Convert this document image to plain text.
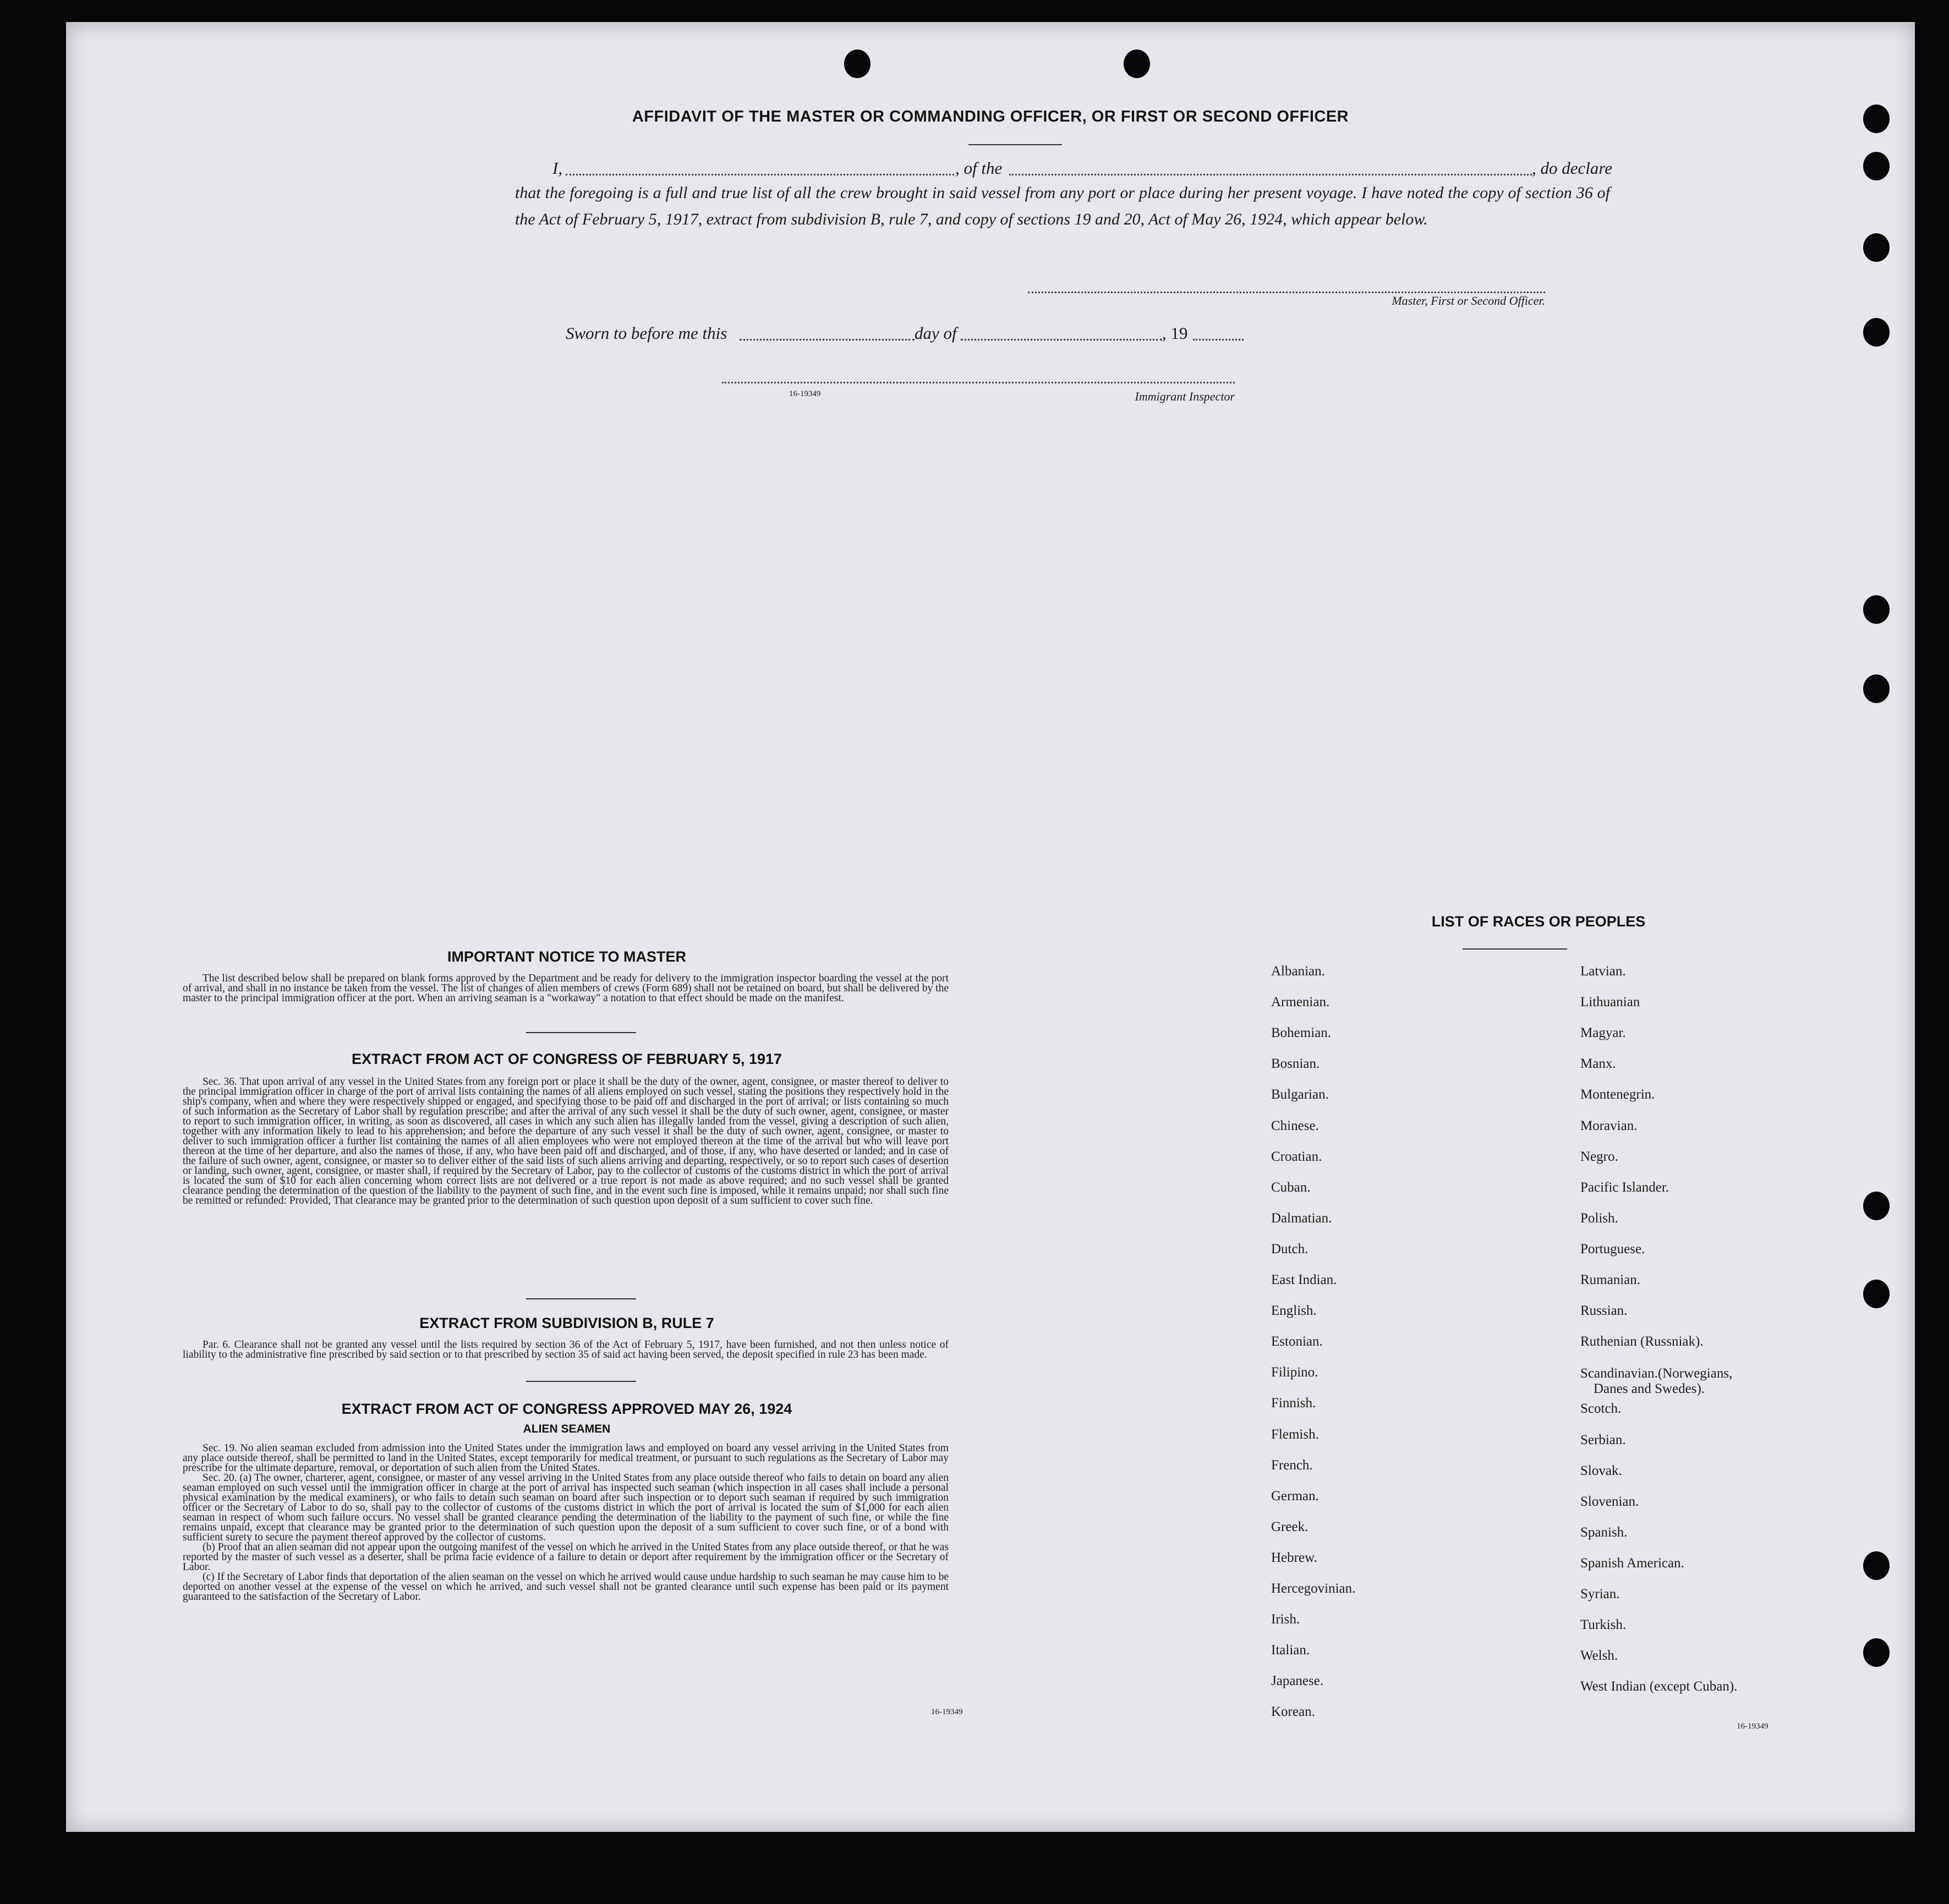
AFFIDAVIT OF THE MASTER OR COMMANDING OFFICER, OR FIRST OR SECOND OFFICER
I,	, of the	, do declare
that the foregoing is a full and true list of all the crew brought in said vessel from any port or place during her present voyage. I have noted the copy of section 36 of the Act of February 5, 1917, extract from subdivision B, rule 7, and copy of sections 19 and 20, Act of May 26, 1924, which appear below.
Master, First or Second Officer.
Sworn to before me this	day of	, 19
16-19349	Immigrant Inspector
IMPORTANT NOTICE TO MASTER
The list described below shall be prepared on blank forms approved by the Department and be ready for delivery to the immigration inspector boarding the vessel at the port of arrival, and shall in no instance be taken from the vessel. The list of changes of alien members of crews (Form 689) shall not be retained on board, but shall be delivered by the master to the principal immigration officer at the port. When an arriving seaman is a "workaway" a notation to that effect should be made on the manifest.
EXTRACT FROM ACT OF CONGRESS OF FEBRUARY 5, 1917
Sec. 36. That upon arrival of any vessel in the United States from any foreign port or place it shall be the duty of the owner, agent, consignee, or master thereof to deliver to the principal immigration officer in charge of the port of arrival lists containing the names of all aliens employed on such vessel, stating the positions they respectively hold in the ship's company, when and where they were respectively shipped or engaged, and specifying those to be paid off and discharged in the port of arrival; or lists containing so much of such information as the Secretary of Labor shall by regulation prescribe; and after the arrival of any such vessel it shall be the duty of such owner, agent, consignee, or master to report to such immigration officer, in writing, as soon as discovered, all cases in which any such alien has illegally landed from the vessel, giving a description of such alien, together with any information likely to lead to his apprehension; and before the departure of any such vessel it shall be the duty of such owner, agent, consignee, or master to deliver to such immigration officer a further list containing the names of all alien employees who were not employed thereon at the time of the arrival but who will leave port thereon at the time of her departure, and also the names of those, if any, who have been paid off and discharged, and of those, if any, who have deserted or landed; and in case of the failure of such owner, agent, consignee, or master so to deliver either of the said lists of such aliens arriving and departing, respectively, or so to report such cases of desertion or landing, such owner, agent, consignee, or master shall, if required by the Secretary of Labor, pay to the collector of customs of the customs district in which the port of arrival is located the sum of $10 for each alien concerning whom correct lists are not delivered or a true report is not made as above required; and no such vessel shall be granted clearance pending the determination of the question of the liability to the payment of such fine, and in the event such fine is imposed, while it remains unpaid; nor shall such fine be remitted or refunded: Provided, That clearance may be granted prior to the determination of such question upon deposit of a sum sufficient to cover such fine.
EXTRACT FROM SUBDIVISION B, RULE 7
Par. 6. Clearance shall not be granted any vessel until the lists required by section 36 of the Act of February 5, 1917, have been furnished, and not then unless notice of liability to the administrative fine prescribed by said section or to that prescribed by section 35 of said act having been served, the deposit specified in rule 23 has been made.
EXTRACT FROM ACT OF CONGRESS APPROVED MAY 26, 1924
ALIEN SEAMEN

Sec. 19. No alien seaman excluded from admission into the United States under the immigration laws and employed on board any vessel arriving in the United States from any place outside thereof, shall be permitted to land in the United States, except temporarily for medical treatment, or pursuant to such regulations as the Secretary of Labor may prescribe for the ultimate departure, removal, or deportation of such alien from the United States.

Sec. 20. (a) The owner, charterer, agent, consignee, or master of any vessel arriving in the United States from any place outside thereof who fails to detain on board any alien seaman employed on such vessel until the immigration officer in charge at the port of arrival has inspected such seaman (which inspection in all cases shall include a personal physical examination by the medical examiners), or who fails to detain such seaman on board after such inspection or to deport such seaman if required by such immigration officer or the Secretary of Labor to do so, shall pay to the collector of customs of the customs district in which the port of arrival is located the sum of $1,000 for each alien seaman in respect of whom such failure occurs. No vessel shall be granted clearance pending the determination of the liability to the payment of such fine, or while the fine remains unpaid, except that clearance may be granted prior to the determination of such question upon the deposit of a sum sufficient to cover such fine, or of a bond with sufficient surety to secure the payment thereof approved by the collector of customs.

(b) Proof that an alien seaman did not appear upon the outgoing manifest of the vessel on which he arrived in the United States from any place outside thereof, or that he was reported by the master of such vessel as a deserter, shall be prima facie evidence of a failure to detain or deport after requirement by the immigration officer or the Secretary of Labor.

(c) If the Secretary of Labor finds that deportation of the alien seaman on the vessel on which he arrived would cause undue hardship to such seaman he may cause him to be deported on another vessel at the expense of the vessel on which he arrived, and such vessel shall not be granted clearance until such expense has been paid or its payment guaranteed to the satisfaction of the Secretary of Labor.

16-19349
LIST OF RACES OR PEOPLES
16-19349
Albanian.
Armenian.
Bohemian.
Bosnian.
Bulgarian.
Chinese.
Croatian.
Cuban.
Dalmatian.
Dutch.
East Indian.
English.
Estonian.
Filipino.
Finnish.
Flemish.
French.
German.
Greek.
Hebrew.
Hercegovinian.
Irish.
Italian.
Japanese.
Korean.
Latvian.
Lithuanian
Magyar.
Manx.
Montenegrin.
Moravian.
Negro.
Pacific Islander.
Polish.
Portuguese.
Rumanian.
Russian.
Ruthenian (Russniak).
Scandinavian.(Norwegians,
Danes and Swedes).
Scotch.
Serbian.
Slovak.
Slovenian.
Spanish.
Spanish American.
Syrian.
Turkish.
Welsh.
West Indian (except Cuban).
